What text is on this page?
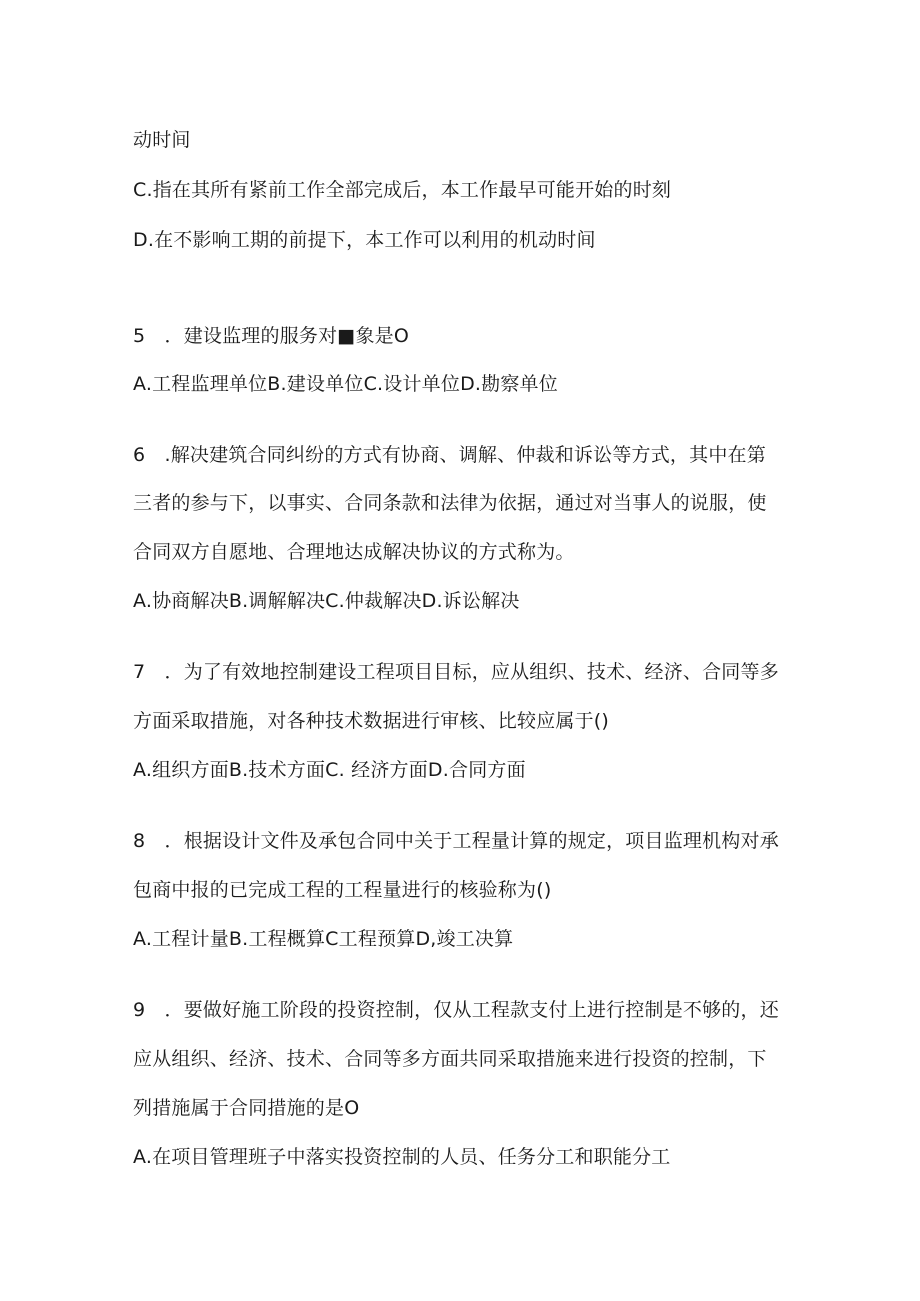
动时间
C.指在其所有紧前工作全部完成后，本工作最早可能开始的时刻
D.在不影响工期的前提下，本工作可以利用的机动时间
5　．建设监理的服务对■象是O
A.工程监理单位B.建设单位C.设计单位D.勘察单位
6　.解决建筑合同纠纷的方式有协商、调解、仲裁和诉讼等方式，其中在第
三者的参与下，以事实、合同条款和法律为依据，通过对当事人的说服，使
合同双方自愿地、合理地达成解决协议的方式称为。
A.协商解决B.调解解决C.仲裁解决D.诉讼解决
7　．为了有效地控制建设工程项目目标，应从组织、技术、经济、合同等多
方面采取措施，对各种技术数据进行审核、比较应属于()
A.组织方面B.技术方面C. 经济方面D.合同方面
8　．根据设计文件及承包合同中关于工程量计算的规定，项目监理机构对承
包商中报的已完成工程的工程量进行的核验称为()
A.工程计量B.工程概算C工程预算D,竣工决算
9　．要做好施工阶段的投资控制，仅从工程款支付上进行控制是不够的，还
应从组织、经济、技术、合同等多方面共同采取措施来进行投资的控制，下
列措施属于合同措施的是O
A.在项目管理班子中落实投资控制的人员、任务分工和职能分工
